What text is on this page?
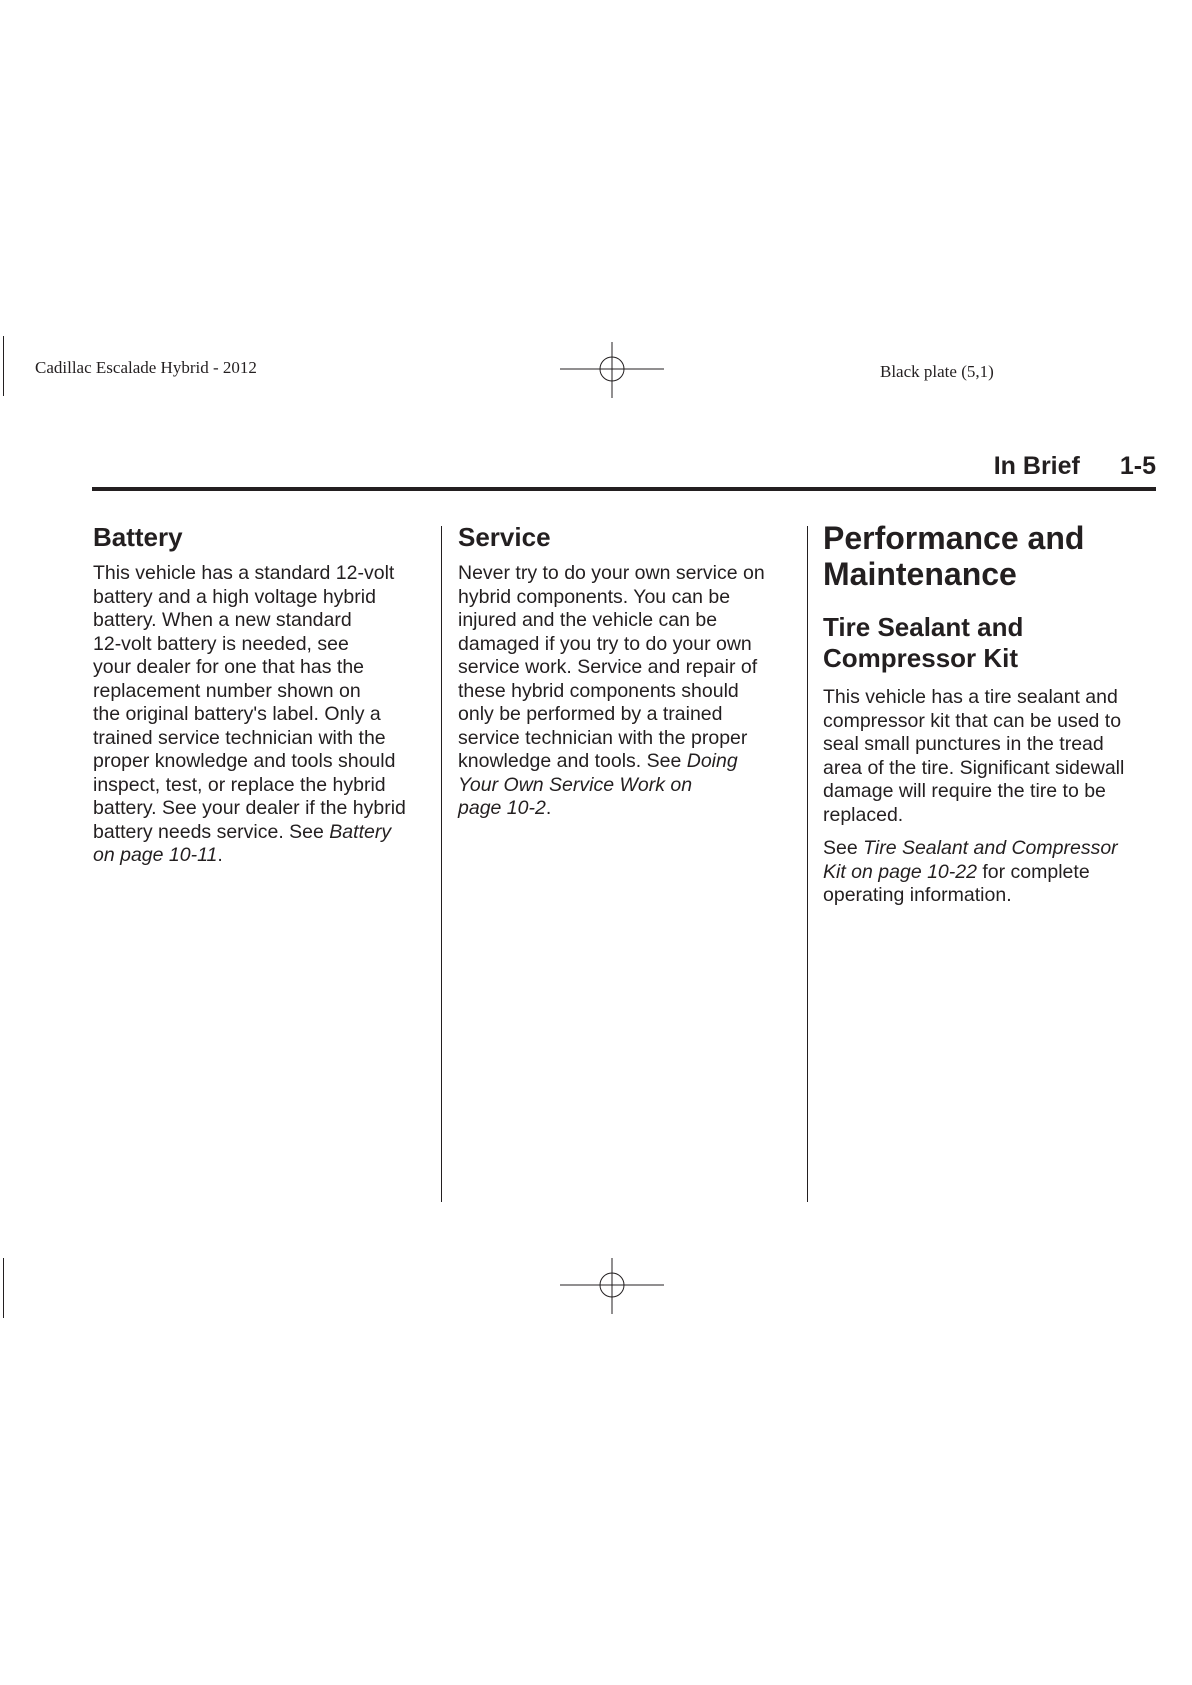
Cadillac Escalade Hybrid - 2012	Black plate (5,1)
In Brief 1-5
Battery

This vehicle has a standard 12-volt
battery and a high voltage hybrid
battery. When a new standard
12-volt battery is needed, see
your dealer for one that has the
replacement number shown on
the original battery's label. Only a
trained service technician with the
proper knowledge and tools should
inspect, test, or replace the hybrid
battery. See your dealer if the hybrid
battery needs service. See Battery
on page 10-11.

Service

Never try to do your own service on
hybrid components. You can be
injured and the vehicle can be
damaged if you try to do your own
service work. Service and repair of
these hybrid components should
only be performed by a trained
service technician with the proper
knowledge and tools. See Doing
Your Own Service Work on
page 10-2.

Performance and
Maintenance
Tire Sealant and
Compressor Kit

This vehicle has a tire sealant and
compressor kit that can be used to
seal small punctures in the tread
area of the tire. Significant sidewall
damage will require the tire to be
replaced.

See Tire Sealant and Compressor
Kit on page 10-22 for complete
operating information.
